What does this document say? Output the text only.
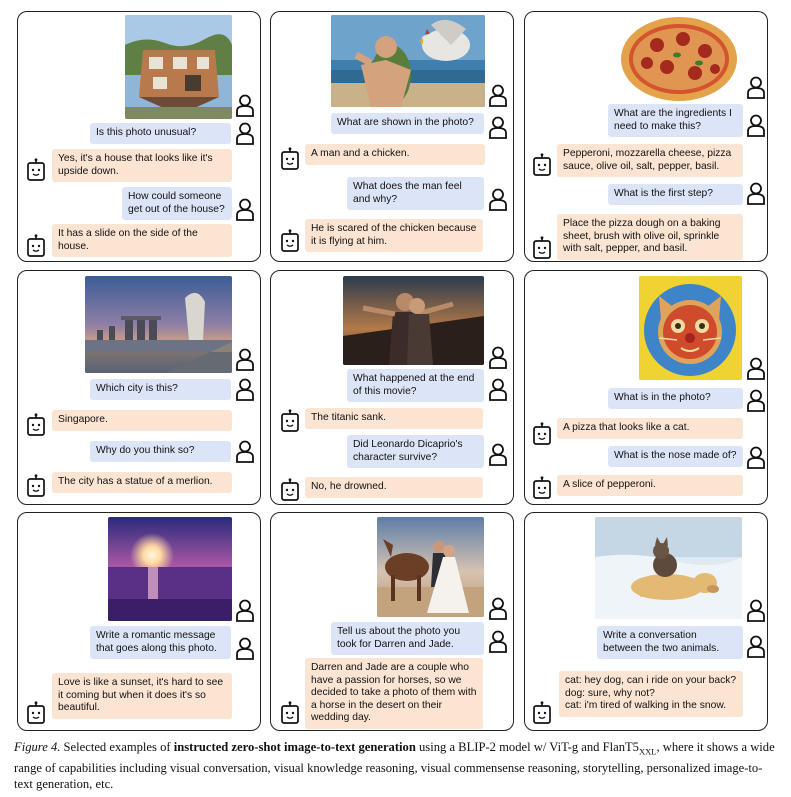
Is this photo unusual?
Yes, it's a house that looks like it's upside down.
How could someone get out of the house?
It has a slide on the side of the house.
What are shown in the photo?
A man and a chicken.
What does the man feel and why?
He is scared of the chicken because it is flying at him.
What are the ingredients I need to make this?
Pepperoni, mozzarella cheese, pizza sauce, olive oil, salt, pepper, basil.
What is the first step?
Place the pizza dough on a baking sheet, brush with olive oil, sprinkle with salt, pepper, and basil.
Which city is this?
Singapore.
Why do you think so?
The city has a statue of a merlion.
What happened at the end of this movie?
The titanic sank.
Did Leonardo Dicaprio's character survive?
No, he drowned.
What is in the photo?
A pizza that looks like a cat.
What is the nose made of?
A slice of pepperoni.
Write a romantic message that goes along this photo.
Love is like a sunset, it's hard to see it coming but when it does it's so beautiful.
Tell us about the photo you took for Darren and Jade.
Darren and Jade are a couple who have a passion for horses, so we decided to take a photo of them with a horse in the desert on their wedding day.
Write a conversation between the two animals.
cat: hey dog, can i ride on your back?
dog: sure, why not?
cat: i'm tired of walking in the snow.
Figure 4. Selected examples of instructed zero-shot image-to-text generation using a BLIP-2 model w/ ViT-g and $FlanT5_{XXL}$, where it shows a wide range of capabilities including visual conversation, visual knowledge reasoning, visual commensense reasoning, storytelling, personalized image-to-text generation, etc.
